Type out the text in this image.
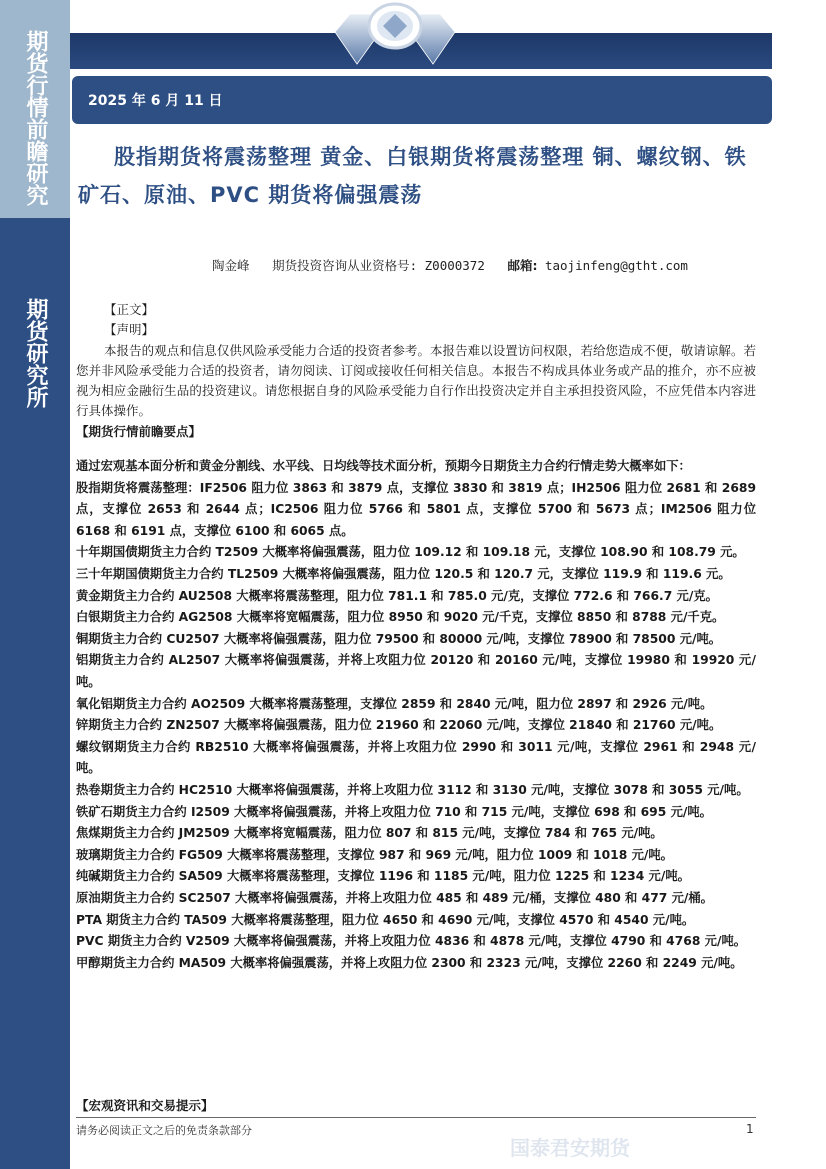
期货行情前瞻研究
期货研究所
2025 年 6 月 11 日
股指期货将震荡整理 黄金、白银期货将震荡整理 铜、螺纹钢、铁矿石、原油、PVC 期货将偏强震荡
陶金峰 期货投资咨询从业资格号: Z0000372 邮箱: taojinfeng@gtht.com
【正文】
【声明】
本报告的观点和信息仅供风险承受能力合适的投资者参考。本报告难以设置访问权限，若给您造成不便，敬请谅解。若您并非风险承受能力合适的投资者，请勿阅读、订阅或接收任何相关信息。本报告不构成具体业务或产品的推介，亦不应被视为相应金融衍生品的投资建议。请您根据自身的风险承受能力自行作出投资决定并自主承担投资风险，不应凭借本内容进行具体操作。
【期货行情前瞻要点】

通过宏观基本面分析和黄金分割线、水平线、日均线等技术面分析，预期今日期货主力合约行情走势大概率如下：

股指期货将震荡整理：IF2506 阻力位 3863 和 3879 点，支撑位 3830 和 3819 点；IH2506 阻力位 2681 和 2689 点，支撑位 2653 和 2644 点；IC2506 阻力位 5766 和 5801 点，支撑位 5700 和 5673 点；IM2506 阻力位 6168 和 6191 点，支撑位 6100 和 6065 点。

十年期国债期货主力合约 T2509 大概率将偏强震荡，阻力位 109.12 和 109.18 元，支撑位 108.90 和 108.79 元。

三十年期国债期货主力合约 TL2509 大概率将偏强震荡，阻力位 120.5 和 120.7 元，支撑位 119.9 和 119.6 元。

黄金期货主力合约 AU2508 大概率将震荡整理，阻力位 781.1 和 785.0 元/克，支撑位 772.6 和 766.7 元/克。

白银期货主力合约 AG2508 大概率将宽幅震荡，阻力位 8950 和 9020 元/千克，支撑位 8850 和 8788 元/千克。

铜期货主力合约 CU2507 大概率将偏强震荡，阻力位 79500 和 80000 元/吨，支撑位 78900 和 78500 元/吨。

铝期货主力合约 AL2507 大概率将偏强震荡，并将上攻阻力位 20120 和 20160 元/吨，支撑位 19980 和 19920 元/吨。

氧化铝期货主力合约 AO2509 大概率将震荡整理，支撑位 2859 和 2840 元/吨，阻力位 2897 和 2926 元/吨。

锌期货主力合约 ZN2507 大概率将偏强震荡，阻力位 21960 和 22060 元/吨，支撑位 21840 和 21760 元/吨。

螺纹钢期货主力合约 RB2510 大概率将偏强震荡，并将上攻阻力位 2990 和 3011 元/吨，支撑位 2961 和 2948 元/吨。

热卷期货主力合约 HC2510 大概率将偏强震荡，并将上攻阻力位 3112 和 3130 元/吨，支撑位 3078 和 3055 元/吨。

铁矿石期货主力合约 I2509 大概率将偏强震荡，并将上攻阻力位 710 和 715 元/吨，支撑位 698 和 695 元/吨。

焦煤期货主力合约 JM2509 大概率将宽幅震荡，阻力位 807 和 815 元/吨，支撑位 784 和 765 元/吨。

玻璃期货主力合约 FG509 大概率将震荡整理，支撑位 987 和 969 元/吨，阻力位 1009 和 1018 元/吨。

纯碱期货主力合约 SA509 大概率将震荡整理，支撑位 1196 和 1185 元/吨，阻力位 1225 和 1234 元/吨。

原油期货主力合约 SC2507 大概率将偏强震荡，并将上攻阻力位 485 和 489 元/桶，支撑位 480 和 477 元/桶。

PTA 期货主力合约 TA509 大概率将震荡整理，阻力位 4650 和 4690 元/吨，支撑位 4570 和 4540 元/吨。

PVC 期货主力合约 V2509 大概率将偏强震荡，并将上攻阻力位 4836 和 4878 元/吨，支撑位 4790 和 4768 元/吨。

甲醇期货主力合约 MA509 大概率将偏强震荡，并将上攻阻力位 2300 和 2323 元/吨，支撑位 2260 和 2249 元/吨。

【宏观资讯和交易提示】
请务必阅读正文之后的免责条款部分	1
国泰君安期货
